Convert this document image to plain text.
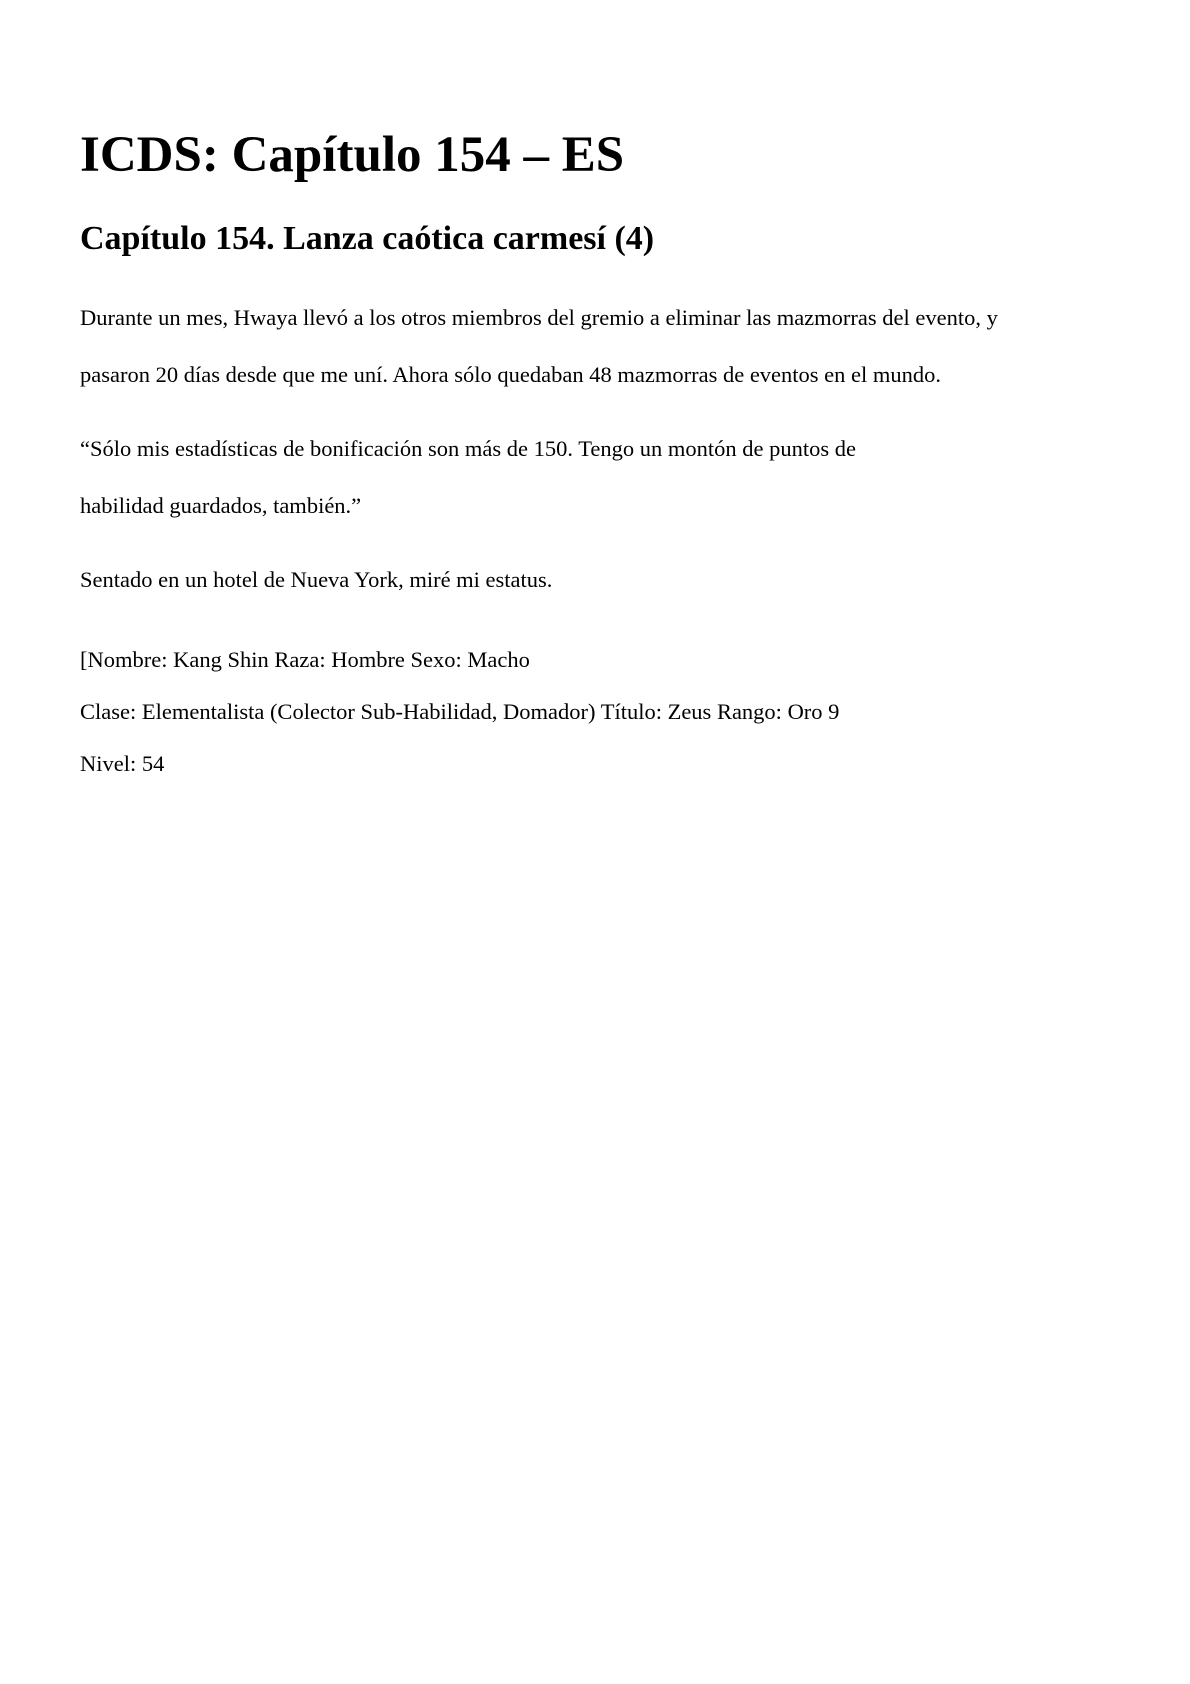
ICDS: Capítulo 154 – ES
Capítulo 154. Lanza caótica carmesí (4)

Durante un mes, Hwaya llevó a los otros miembros del gremio a eliminar las mazmorras del evento, y

pasaron 20 días desde que me uní. Ahora sólo quedaban 48 mazmorras de eventos en el mundo.

“Sólo mis estadísticas de bonificación son más de 150. Tengo un montón de puntos de

habilidad guardados, también.”

Sentado en un hotel de Nueva York, miré mi estatus.

[Nombre: Kang Shin Raza: Hombre Sexo: Macho

Clase: Elementalista (Colector Sub-Habilidad, Domador) Título: Zeus Rango: Oro 9

Nivel: 54
